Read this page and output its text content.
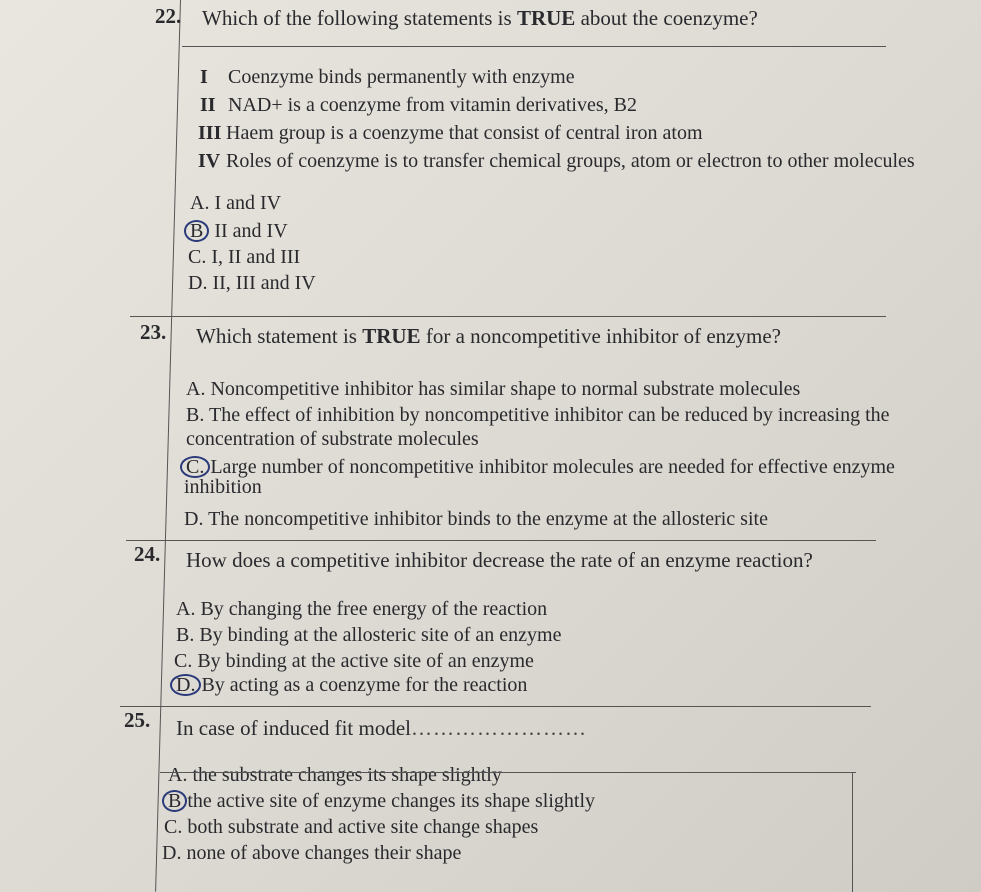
22. Which of the following statements is TRUE about the coenzyme?
I Coenzyme binds permanently with enzyme
II NAD+ is a coenzyme from vitamin derivatives, B2
III Haem group is a coenzyme that consist of central iron atom
IV Roles of coenzyme is to transfer chemical groups, atom or electron to other molecules
A. I and IV
B II and IV
C. I, II and III
D. II, III and IV
23. Which statement is TRUE for a noncompetitive inhibitor of enzyme?
A. Noncompetitive inhibitor has similar shape to normal substrate molecules
B. The effect of inhibition by noncompetitive inhibitor can be reduced by increasing the
concentration of substrate molecules
C. Large number of noncompetitive inhibitor molecules are needed for effective enzyme
inhibition
D. The noncompetitive inhibitor binds to the enzyme at the allosteric site
24. How does a competitive inhibitor decrease the rate of an enzyme reaction?
A. By changing the free energy of the reaction
B. By binding at the allosteric site of an enzyme
C. By binding at the active site of an enzyme
D. By acting as a coenzyme for the reaction
25. In case of induced fit model……………………
A. the substrate changes its shape slightly
B the active site of enzyme changes its shape slightly
C. both substrate and active site change shapes
D. none of above changes their shape
